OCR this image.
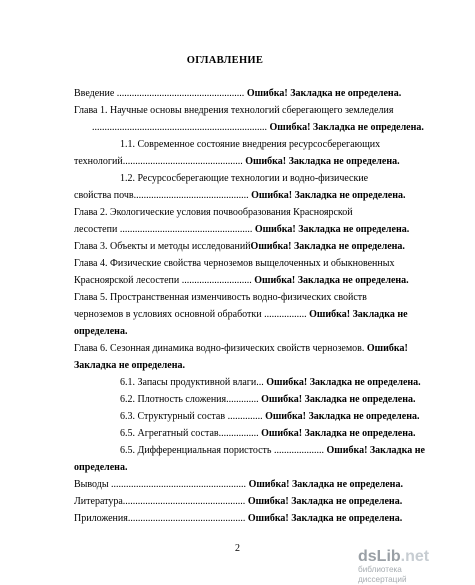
ОГЛАВЛЕНИЕ
Введение ................................................... Ошибка! Закладка не определена.
Глава 1. Научные основы внедрения технологий сберегающего земледелия
...................................................................... Ошибка! Закладка не определена.
1.1. Современное состояние внедрения ресурсосберегающих
технологий................................................ Ошибка! Закладка не определена.
1.2. Ресурсосберегающие технологии и водно-физические
свойства почв.............................................. Ошибка! Закладка не определена.
Глава 2. Экологические условия почвообразования Красноярской
лесостепи ..................................................... Ошибка! Закладка не определена.
Глава 3. Объекты и методы исследованийОшибка! Закладка не определена.
Глава 4. Физические свойства черноземов выщелоченных и обыкновенных
Красноярской лесостепи ............................ Ошибка! Закладка не определена.
Глава 5. Пространственная изменчивость водно-физических свойств
черноземов в условиях основной обработки ................. Ошибка! Закладка не
определена.
Глава 6. Сезонная динамика водно-физических свойств черноземов. Ошибка!
Закладка не определена.
6.1. Запасы продуктивной влаги... Ошибка! Закладка не определена.
6.2. Плотность сложения............. Ошибка! Закладка не определена.
6.3. Структурный состав .............. Ошибка! Закладка не определена.
6.5. Агрегатный состав................ Ошибка! Закладка не определена.
6.5. Дифференциальная пористость .................... Ошибка! Закладка не
определена.
Выводы ...................................................... Ошибка! Закладка не определена.
Литература................................................. Ошибка! Закладка не определена.
Приложения............................................... Ошибка! Закладка не определена.
2	dsLib.net
библиотека диссертаций
